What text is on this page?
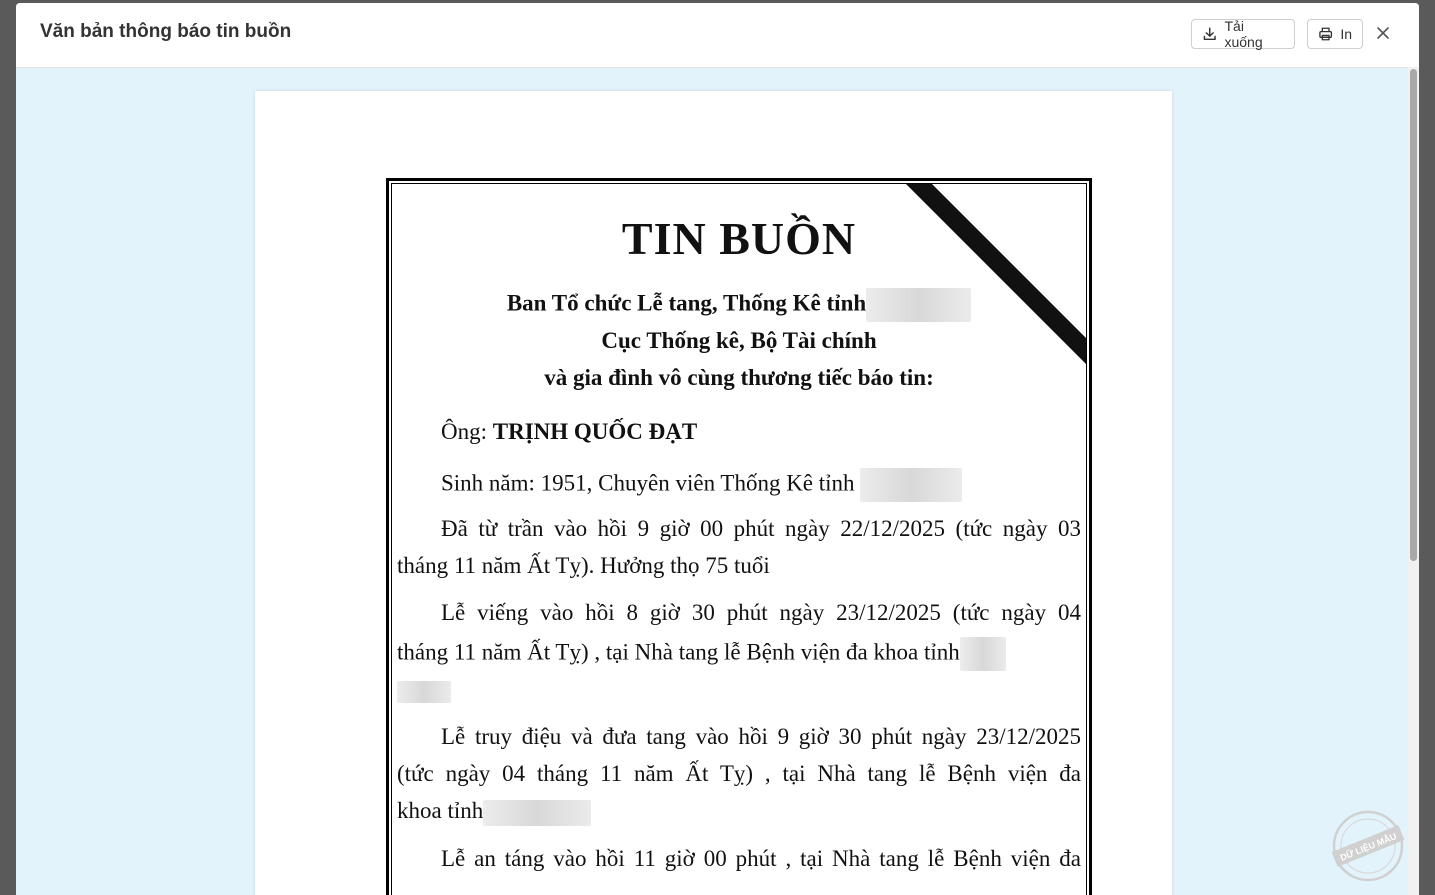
Văn bản thông báo tin buồn	Tải xuống	In
TIN BUỒN
Ban Tổ chức Lễ tang, Thống Kê tỉnh
Cục Thống kê, Bộ Tài chính
và gia đình vô cùng thương tiếc báo tin:
Ông: TRỊNH QUỐC ĐẠT
Sinh năm: 1951, Chuyên viên Thống Kê tỉnh
Đã từ trần vào hồi 9 giờ 00 phút ngày 22/12/2025 (tức ngày 03
tháng 11 năm Ất Tỵ). Hưởng thọ 75 tuổi
Lễ viếng vào hồi 8 giờ 30 phút ngày 23/12/2025 (tức ngày 04
tháng 11 năm Ất Tỵ) , tại Nhà tang lễ Bệnh viện đa khoa tỉnh
Lễ truy điệu và đưa tang vào hồi 9 giờ 30 phút ngày 23/12/2025
(tức ngày 04 tháng 11 năm Ất Tỵ) , tại Nhà tang lễ Bệnh viện đa
khoa tỉnh
Lễ an táng vào hồi 11 giờ 00 phút , tại Nhà tang lễ Bệnh viện đa	DỮ LIỆU MẪU
